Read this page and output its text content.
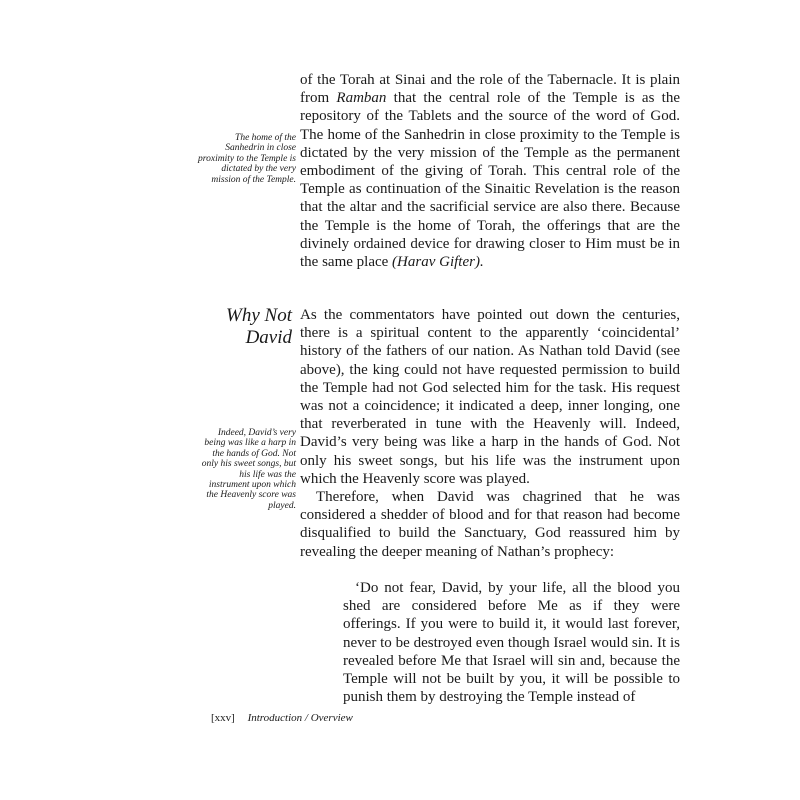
of the Torah at Sinai and the role of the Tabernacle. It is plain from Ramban that the central role of the Temple is as the repository of the Tablets and the source of the word of God. The home of the Sanhedrin in close proximity to the Temple is dictated by the very mission of the Temple as the permanent embodiment of the giving of Torah. This central role of the Temple as continuation of the Sinaitic Revelation is the reason that the altar and the sacrificial service are also there. Because the Temple is the home of Torah, the offerings that are the divinely ordained device for drawing closer to Him must be in the same place (Harav Gifter).

The home of the Sanhedrin in close proximity to the Temple is dictated by the very mission of the Temple.
Why Not
David

As the commentators have pointed out down the centuries, there is a spiritual content to the apparently ‘coincidental’ history of the fathers of our nation. As Nathan told David (see above), the king could not have requested permission to build the Temple had not God selected him for the task. His request was not a coincidence; it indicated a deep, inner longing, one that reverberated in tune with the Heavenly will. Indeed, David’s very being was like a harp in the hands of God. Not only his sweet songs, but his life was the instrument upon which the Heavenly score was played.

Therefore, when David was chagrined that he was considered a shedder of blood and for that reason had become disqualified to build the Sanctuary, God reassured him by revealing the deeper meaning of Nathan’s prophecy:

Indeed, David’s very being was like a harp in the hands of God. Not only his sweet songs, but his life was the instrument upon which the Heavenly score was played.

‘Do not fear, David, by your life, all the blood you shed are considered before Me as if they were offerings. If you were to build it, it would last forever, never to be destroyed even though Israel would sin. It is revealed before Me that Israel will sin and, because the Temple will not be built by you, it will be possible to punish them by destroying the Temple instead of

[xxv] Introduction / Overview
